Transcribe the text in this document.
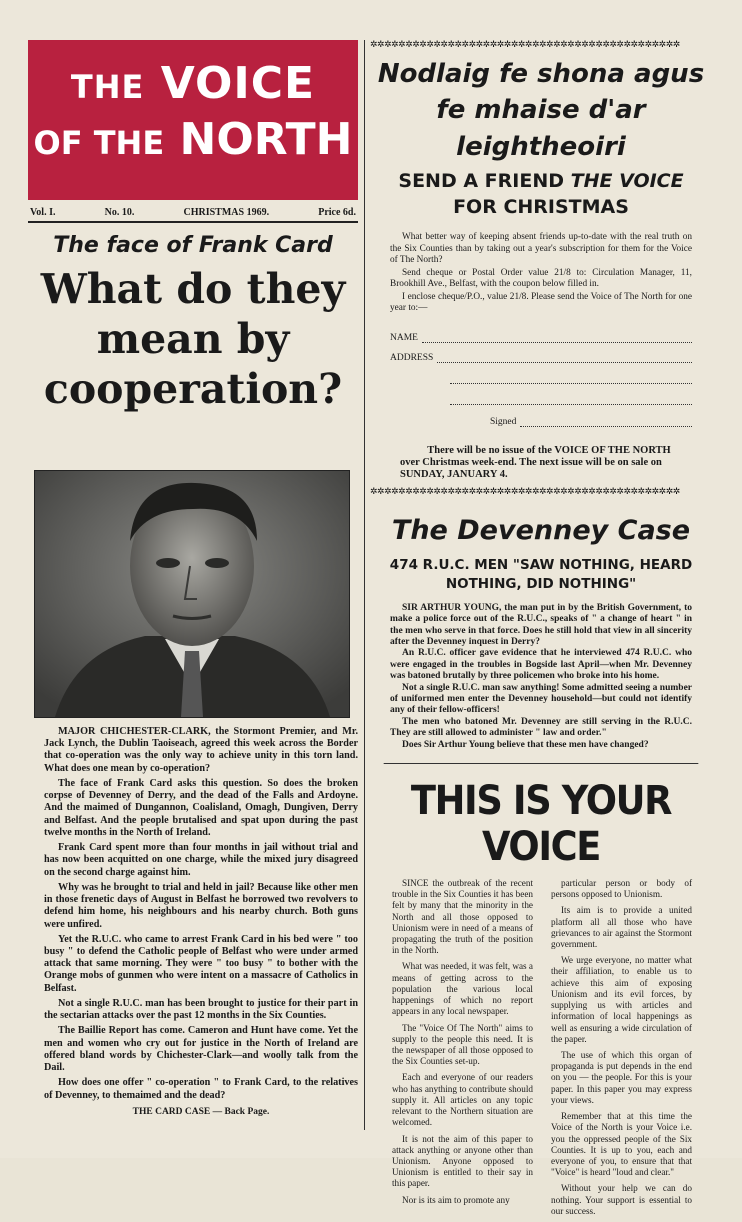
THE VOICE
OF THE NORTH
Vol. I.	No. 10.	CHRISTMAS 1969.	Price 6d.
The face of Frank Card
What do they mean by cooperation?

MAJOR CHICHESTER-CLARK, the Stormont Premier, and Mr. Jack Lynch, the Dublin Taoiseach, agreed this week across the Border that co-operation was the only way to achieve unity in this torn land. What does one mean by co-operation?

The face of Frank Card asks this question. So does the broken corpse of Devenney of Derry, and the dead of the Falls and Ardoyne. And the maimed of Dungannon, Coalisland, Omagh, Dungiven, Derry and Belfast. And the people brutalised and spat upon during the past twelve months in the North of Ireland.

Frank Card spent more than four months in jail without trial and has now been acquitted on one charge, while the mixed jury disagreed on the second charge against him.

Why was he brought to trial and held in jail? Because like other men in those frenetic days of August in Belfast he borrowed two revolvers to defend him home, his neighbours and his nearby church. Both guns were unfired.

Yet the R.U.C. who came to arrest Frank Card in his bed were " too busy " to defend the Catholic people of Belfast who were under armed attack that same morning. They were " too busy " to bother with the Orange mobs of gunmen who were intent on a massacre of Catholics in Belfast.

Not a single R.U.C. man has been brought to justice for their part in the sectarian attacks over the past 12 months in the Six Counties.

The Baillie Report has come. Cameron and Hunt have come. Yet the men and women who cry out for justice in the North of Ireland are offered bland words by Chichester-Clark—and woolly talk from the Dail.

How does one offer " co-operation " to Frank Card, to the relatives of Devenney, to themaimed and the dead?

THE CARD CASE — Back Page.

✲✲✲✲✲✲✲✲✲✲✲✲✲✲✲✲✲✲✲✲✲✲✲✲✲✲✲✲✲✲✲✲✲✲✲✲✲✲✲✲✲✲✲✲
Nodlaig fe shona agus
fe mhaise d'ar
leightheoiri
SEND A FRIEND THE VOICE
FOR CHRISTMAS

What better way of keeping absent friends up-to-date with the real truth on the Six Counties than by taking out a year's subscription for them for the Voice of The North?

Send cheque or Postal Order value 21/8 to: Circulation Manager, 11, Brookhill Ave., Belfast, with the coupon below filled in.

I enclose cheque/P.O., value 21/8. Please send the Voice of The North for one year to:—

NAME
ADDRESS
Signed
There will be no issue of the VOICE OF THE NORTH
over Christmas week-end. The next issue will be on sale on SUNDAY, JANUARY 4.
✲✲✲✲✲✲✲✲✲✲✲✲✲✲✲✲✲✲✲✲✲✲✲✲✲✲✲✲✲✲✲✲✲✲✲✲✲✲✲✲✲✲✲✲
The Devenney Case
474 R.U.C. MEN "SAW NOTHING, HEARD
NOTHING, DID NOTHING"

SIR ARTHUR YOUNG, the man put in by the British Government, to make a police force out of the R.U.C., speaks of " a change of heart " in the men who serve in that force. Does he still hold that view in all sincerity after the Devenney inquest in Derry?

An R.U.C. officer gave evidence that he interviewed 474 R.U.C. who were engaged in the troubles in Bogside last April—when Mr. Devenney was batoned brutally by three policemen who broke into his home.

Not a single R.U.C. man saw anything! Some admitted seeing a number of uniformed men enter the Devenney household—but could not identify any of their fellow-officers!

The men who batoned Mr. Devenney are still serving in the R.U.C. They are still allowed to administer " law and order."

Does Sir Arthur Young believe that these men have changed?

THIS IS YOUR VOICE

SINCE the outbreak of the recent trouble in the Six Counties it has been felt by many that the minority in the North and all those opposed to Unionism were in need of a means of propagating the truth of the position in the North.

What was needed, it was felt, was a means of getting across to the population the various local happenings of which no report appears in any local newspaper.

The "Voice Of The North" aims to supply to the people this need. It is the newspaper of all those opposed to the Six Counties set-up.

Each and everyone of our readers who has anything to contribute should supply it. All articles on any topic relevant to the Northern situation are welcomed.

It is not the aim of this paper to attack anything or anyone other than Unionism. Anyone opposed to Unionism is entitled to their say in this paper.

Nor is its aim to promote any

particular person or body of persons opposed to Unionism.

Its aim is to provide a united platform all all those who have grievances to air against the Stormont government.

We urge everyone, no matter what their affiliation, to enable us to achieve this aim of exposing Unionism and its evil forces, by supplying us with articles and information of local happenings as well as ensuring a wide circulation of the paper.

The use of which this organ of propaganda is put depends in the end on you — the people. For this is your paper. In this paper you may express your views.

Remember that at this time the Voice of the North is your Voice i.e. you the oppressed people of the Six Counties. It is up to you, each and everyone of you, to ensure that that "Voice" is heard "loud and clear."

Without your help we can do nothing. Your support is essential to our success.
